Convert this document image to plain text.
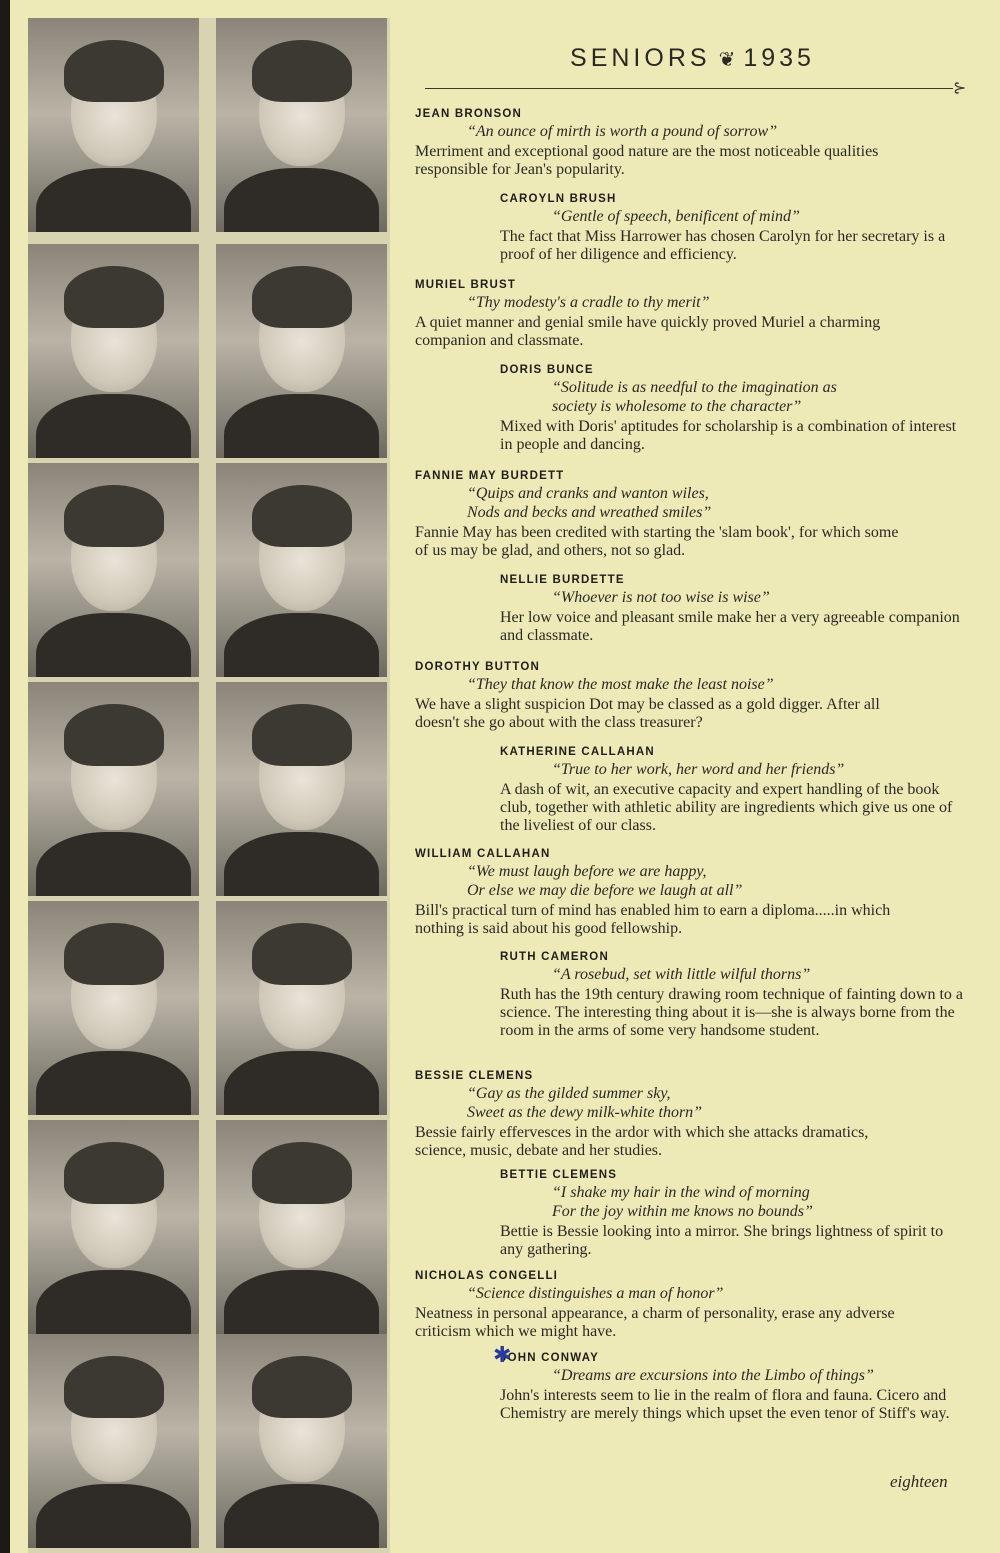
SENIORS ❦ 1935
⊱
JEAN BRONSON
“An ounce of mirth is worth a pound of sorrow”
Merriment and exceptional good nature are the most noticeable qualities responsible for Jean's popularity.
CAROYLN BRUSH
“Gentle of speech, benificent of mind”
The fact that Miss Harrower has chosen Carolyn for her secretary is a proof of her diligence and efficiency.
MURIEL BRUST
“Thy modesty's a cradle to thy merit”
A quiet manner and genial smile have quickly proved Muriel a charming companion and classmate.
DORIS BUNCE
“Solitude is as needful to the imagination as
society is wholesome to the character”
Mixed with Doris' aptitudes for scholarship is a combination of interest in people and dancing.
FANNIE MAY BURDETT
“Quips and cranks and wanton wiles,
Nods and becks and wreathed smiles”
Fannie May has been credited with starting the 'slam book', for which some of us may be glad, and others, not so glad.
NELLIE BURDETTE
“Whoever is not too wise is wise”
Her low voice and pleasant smile make her a very agreeable companion and classmate.
DOROTHY BUTTON
“They that know the most make the least noise”
We have a slight suspicion Dot may be classed as a gold digger. After all doesn't she go about with the class treasurer?
KATHERINE CALLAHAN
“True to her work, her word and her friends”
A dash of wit, an executive capacity and expert handling of the book club, together with athletic ability are ingredients which give us one of the liveliest of our class.
WILLIAM CALLAHAN
“We must laugh before we are happy,
Or else we may die before we laugh at all”
Bill's practical turn of mind has enabled him to earn a diploma.....in which nothing is said about his good fellowship.
RUTH CAMERON
“A rosebud, set with little wilful thorns”
Ruth has the 19th century drawing room technique of fainting down to a science. The interesting thing about it is—she is always borne from the room in the arms of some very handsome student.
BESSIE CLEMENS
“Gay as the gilded summer sky,
Sweet as the dewy milk-white thorn”
Bessie fairly effervesces in the ardor with which she attacks dramatics, science, music, debate and her studies.
BETTIE CLEMENS
“I shake my hair in the wind of morning
For the joy within me knows no bounds”
Bettie is Bessie looking into a mirror. She brings lightness of spirit to any gathering.
NICHOLAS CONGELLI
“Science distinguishes a man of honor”
Neatness in personal appearance, a charm of personality, erase any adverse criticism which we might have.
JOHN CONWAY
“Dreams are excursions into the Limbo of things”
John's interests seem to lie in the realm of flora and fauna. Cicero and Chemistry are merely things which upset the even tenor of Stiff's way.
✱
eighteen
